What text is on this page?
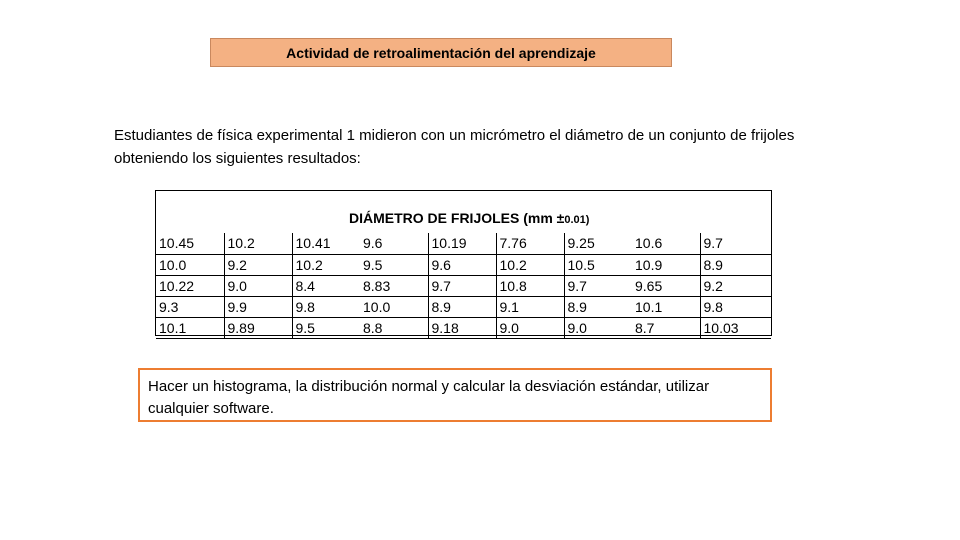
Actividad de retroalimentación del aprendizaje
Estudiantes de física experimental 1 midieron con un micrómetro el diámetro de un conjunto de frijoles obteniendo los siguientes resultados:
DIÁMETRO DE FRIJOLES (mm ±0.01)
10.45	10.2	10.41	9.6	10.19	7.76	9.25	10.6	9.7
10.0	9.2	10.2	9.5	9.6	10.2	10.5	10.9	8.9
10.22	9.0	8.4	8.83	9.7	10.8	9.7	9.65	9.2
9.3	9.9	9.8	10.0	8.9	9.1	8.9	10.1	9.8
10.1	9.89	9.5	8.8	9.18	9.0	9.0	8.7	10.03
Hacer un histograma, la distribución normal y calcular la desviación estándar, utilizar cualquier software.
